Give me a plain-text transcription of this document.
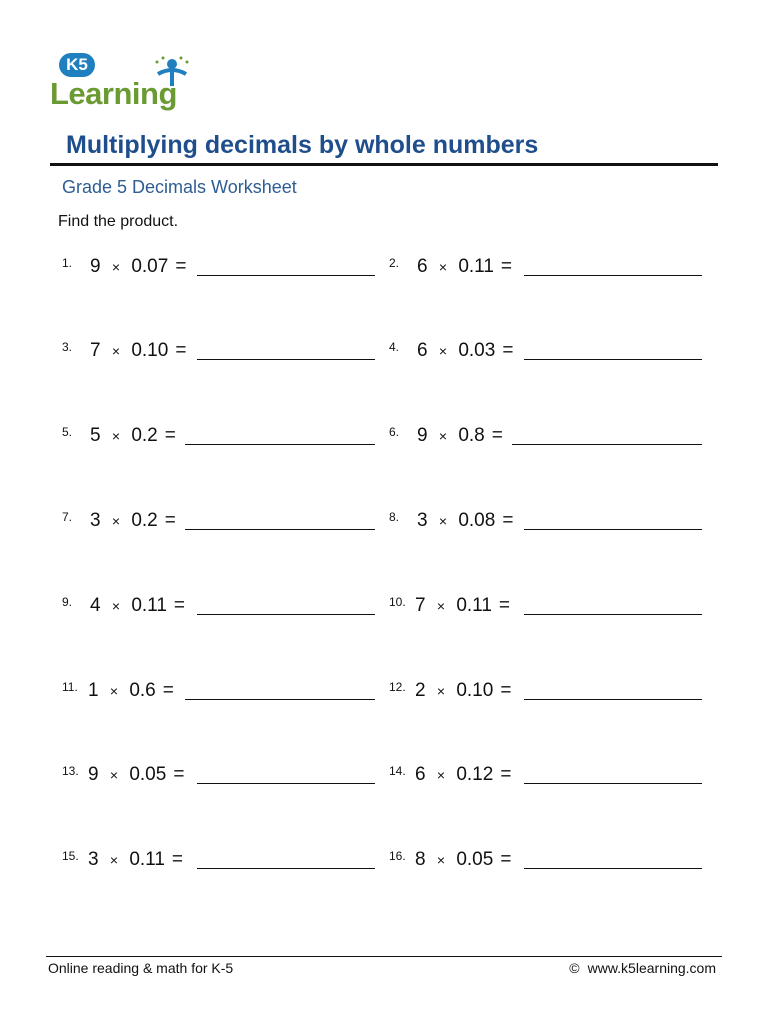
K5
Learning
Multiplying decimals by whole numbers
Grade 5 Decimals Worksheet
Find the product.
1. 9 × 0.07 =	2. 6 × 0.11 =
3. 7 × 0.10 =	4. 6 × 0.03 =
5. 5 × 0.2 =	6. 9 × 0.8 =
7. 3 × 0.2 =	8. 3 × 0.08 =
9. 4 × 0.11 =	10. 7 × 0.11 =
11. 1 × 0.6 =	12. 2 × 0.10 =
13. 9 × 0.05 =	14. 6 × 0.12 =
15. 3 × 0.11 =	16. 8 × 0.05 =
Online reading & math for K-5	© www.k5learning.com
